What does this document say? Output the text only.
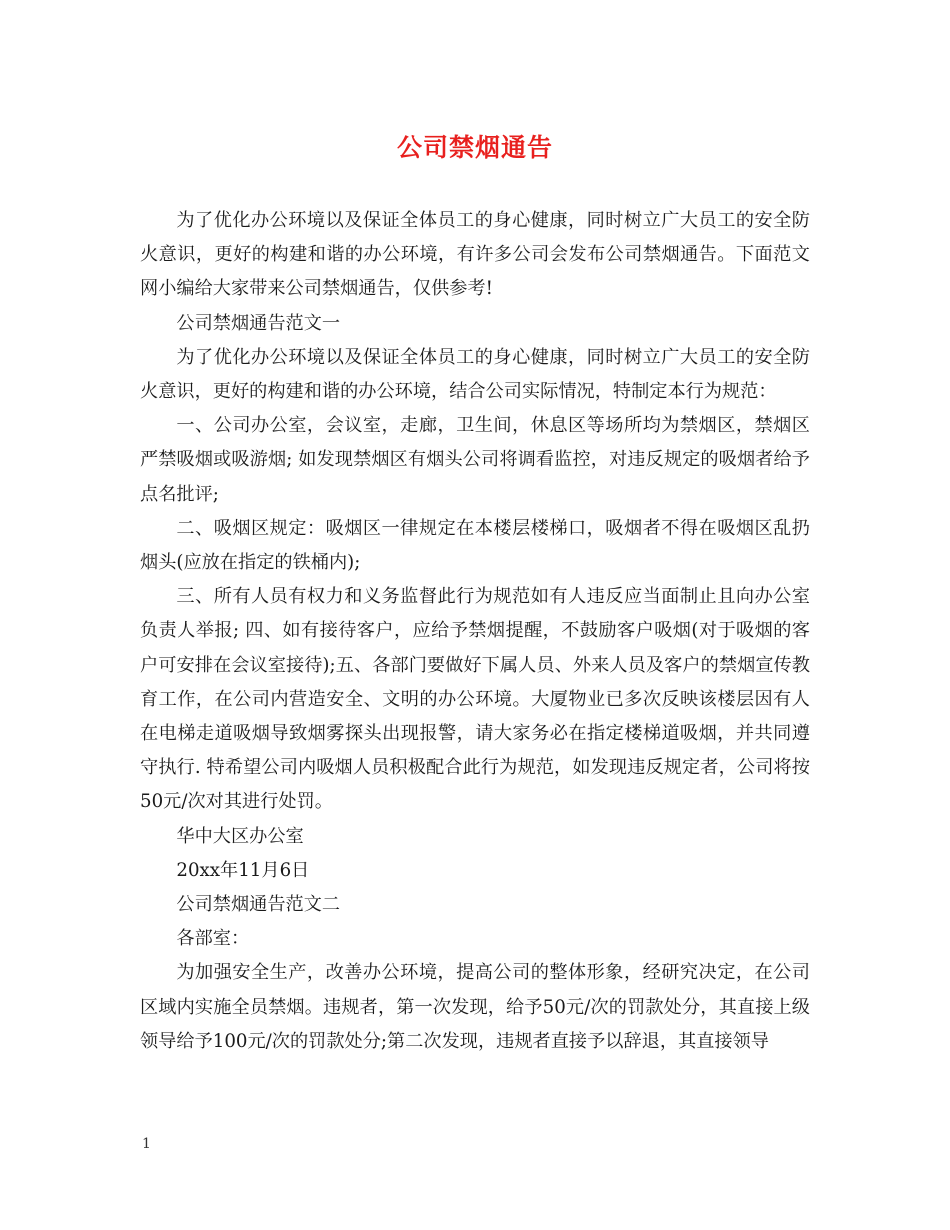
公司禁烟通告

为了优化办公环境以及保证全体员工的身心健康，同时树立广大员工的安全防火意识，更好的构建和谐的办公环境，有许多公司会发布公司禁烟通告。下面范文网小编给大家带来公司禁烟通告，仅供参考!

公司禁烟通告范文一

为了优化办公环境以及保证全体员工的身心健康，同时树立广大员工的安全防火意识，更好的构建和谐的办公环境，结合公司实际情况，特制定本行为规范：

一、公司办公室，会议室，走廊，卫生间，休息区等场所均为禁烟区，禁烟区严禁吸烟或吸游烟; 如发现禁烟区有烟头公司将调看监控，对违反规定的吸烟者给予点名批评;

二、吸烟区规定：吸烟区一律规定在本楼层楼梯口，吸烟者不得在吸烟区乱扔烟头(应放在指定的铁桶内);

三、所有人员有权力和义务监督此行为规范如有人违反应当面制止且向办公室负责人举报; 四、如有接待客户，应给予禁烟提醒，不鼓励客户吸烟(对于吸烟的客户可安排在会议室接待);五、各部门要做好下属人员、外来人员及客户的禁烟宣传教育工作，在公司内营造安全、文明的办公环境。大厦物业已多次反映该楼层因有人在电梯走道吸烟导致烟雾探头出现报警，请大家务必在指定楼梯道吸烟，并共同遵守执行. 特希望公司内吸烟人员积极配合此行为规范，如发现违反规定者，公司将按50元/次对其进行处罚。

华中大区办公室

20xx年11月6日

公司禁烟通告范文二

各部室：

为加强安全生产，改善办公环境，提高公司的整体形象，经研究决定，在公司区域内实施全员禁烟。违规者，第一次发现，给予50元/次的罚款处分，其直接上级领导给予100元/次的罚款处分;第二次发现，违规者直接予以辞退，其直接领导

1
